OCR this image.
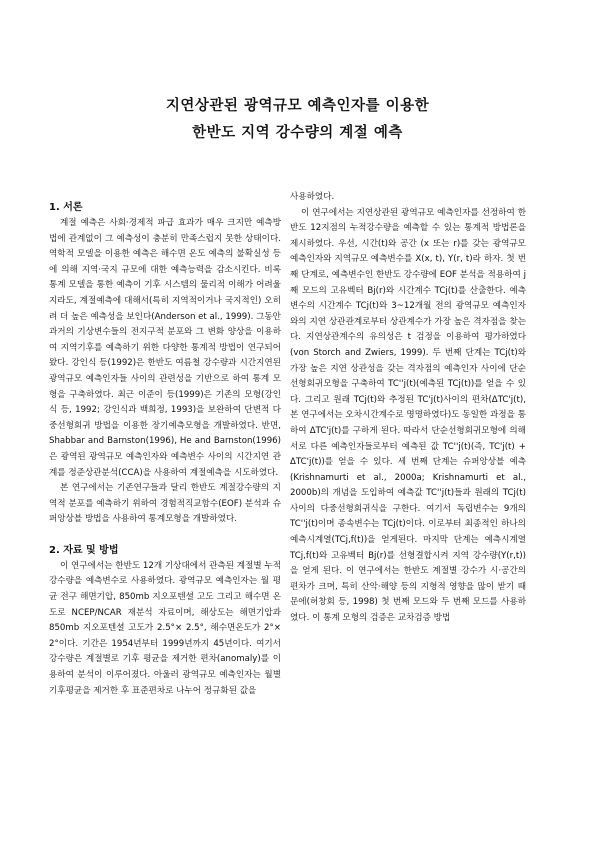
지연상관된 광역규모 예측인자를 이용한
한반도 지역 강수량의 계절 예측

1. 서론

계절 예측은 사회·경제적 파급 효과가 매우 크지만 예측방법에 관계없이 그 예측성이 충분히 만족스럽지 못한 상태이다. 역학적 모델을 이용한 예측은 해수면 온도 예측의 불확실성 등에 의해 지역·국지 규모에 대한 예측능력을 감소시킨다. 비록 통계 모델을 통한 예측이 기후 시스템의 물리적 이해가 어려울지라도, 계절예측에 대해서(특히 지역적이거나 국지적인) 오히려 더 높은 예측성을 보인다(Anderson et al., 1999). 그동안 과거의 기상변수들의 전지구적 분포와 그 변화 양상을 이용하여 지역기후를 예측하기 위한 다양한 통계적 방법이 연구되어 왔다. 강인식 등(1992)은 한반도 여름철 강수량과 시간지연된 광역규모 예측인자들 사이의 관련성을 기반으로 하여 통계 모형을 구축하였다. 최근 이준이 등(1999)은 기존의 모형(강인식 등, 1992; 강인식과 백희정, 1993)을 보완하여 단변적 다중선형회귀 방법을 이용한 장기예측모형을 개발하였다. 반면, Shabbar and Barnston(1996), He and Barnston(1996)은 광역된 광역규모 예측인자와 예측변수 사이의 시간지연 관계를 정준상관분석(CCA)을 사용하여 계절예측을 시도하였다.

본 연구에서는 기존연구들과 달리 한반도 계절강수량의 지역적 분포를 예측하기 위하여 경험적직교함수(EOF) 분석과 슈퍼앙상블 방법을 사용하여 통계모형을 개발하였다.

2. 자료 및 방법

이 연구에서는 한반도 12개 기상대에서 관측된 계절별 누적강수량을 예측변수로 사용하였다. 광역규모 예측인자는 월 평균 전구 해면기압, 850mb 지오포텐셜 고도 그리고 해수면 온도로 NCEP/NCAR 재분석 자료이며, 해상도는 해면기압과 850mb 지오포텐셜 고도가 2.5°× 2.5°, 해수면온도가 2°× 2°이다. 기간은 1954년부터 1999년까지 45년이다. 여기서 강수량은 계절별로 기후 평균을 제거한 편차(anomaly)를 이용하여 분석이 이루어졌다. 아울러 광역규모 예측인자는 월별 기후평균을 제거한 후 표준편차로 나누어 정규화된 값을

사용하였다.

이 연구에서는 지연상관된 광역규모 예측인자를 선정하여 한반도 12지점의 누적강수량을 예측할 수 있는 통계적 방법론을 제시하였다. 우선, 시간(t)와 공간 (x 또는 r)를 갖는 광역규모 예측인자와 지역규모 예측변수를 X(x, t), Y(r, t)라 하자. 첫 번째 단계로, 예측변수인 한반도 강수량에 EOF 분석을 적용하여 j째 모드의 고유벡터 Bj(r)와 시간계수 TCj(t)를 산출한다. 예측변수의 시간계수 TCj(t)와 3~12개월 전의 광역규모 예측인자와의 지연 상관관계로부터 상관계수가 가장 높은 격자점을 찾는다. 지연상관계수의 유의성은 t 검정을 이용하여 평가하였다(von Storch and Zwiers, 1999). 두 번째 단계는 TCj(t)와 가장 높은 지연 상관성을 갖는 격자점의 예측인자 사이에 단순선형회귀모형을 구축하여 TC''j(t)(예측된 TCj(t))를 얻을 수 있다. 그리고 원래 TCj(t)와 추정된 TC'j(t)사이의 편차(ΔTC'j(t), 본 연구에서는 오차시간계수로 명명하였다)도 동일한 과정을 통하여 ΔTC'j(t)를 구하게 된다. 따라서 단순선형회귀모형에 의해 서로 다른 예측인자들로부터 예측된 값 TC''j(t)(즉, TC'j(t) + ΔTC'j(t))를 얻을 수 있다. 세 번째 단계는 슈퍼앙상블 예측(Krishnamurti et al., 2000a; Krishnamurti et al., 2000b)의 개념을 도입하여 예측값 TC''j(t)들과 원래의 TCj(t) 사이의 다중선형회귀식을 구한다. 여기서 독립변수는 9개의 TC''j(t)이며 종속변수는 TCj(t)이다. 이로부터 최종적인 하나의 예측시계열(TCj,f(t))을 얻게된다. 마지막 단계는 예측시계열 TCj,f(t)와 고유벡터 Bj(r)를 선형결합시켜 지역 강수량(Y(r,t))을 얻게 된다. 이 연구에서는 한반도 계절별 강수가 시·공간의 편차가 크며, 특히 산악·해양 등의 지형적 영향을 많이 받기 때문에(허창회 등, 1998) 첫 번째 모드와 두 번째 모드를 사용하였다. 이 통계 모형의 검증은 교차검증 방법
